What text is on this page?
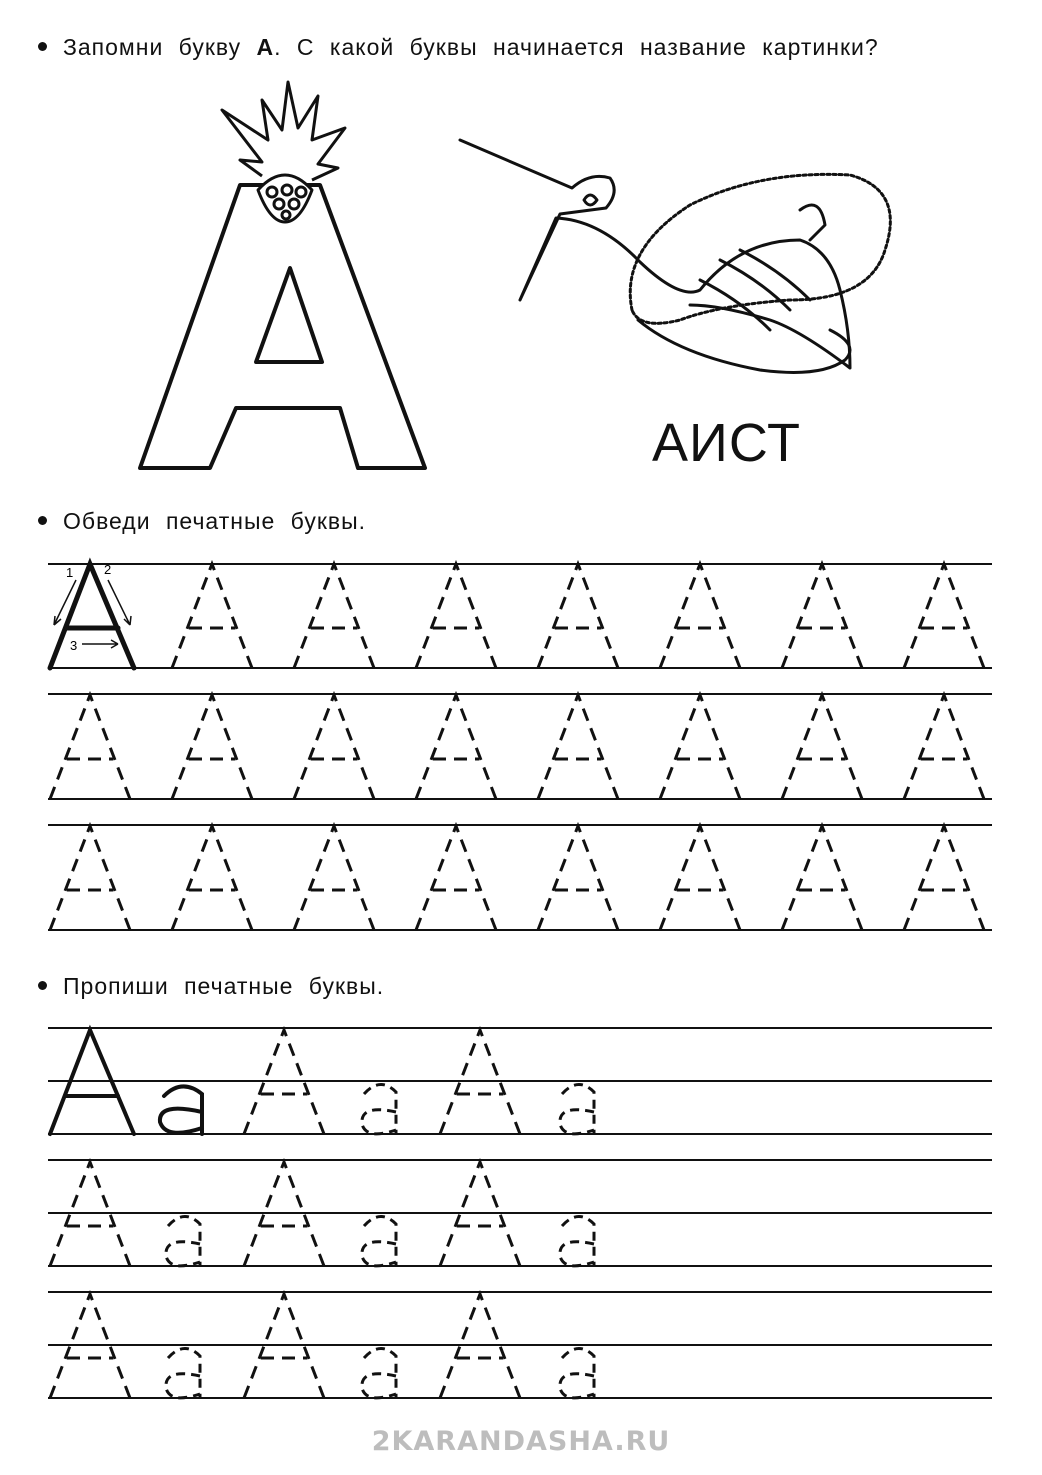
Запомни букву А. С какой буквы начинается название картинки?
1 2
3
АИСТ
Обведи печатные буквы.
Пропиши печатные буквы.
2KARANDASHA.RU
